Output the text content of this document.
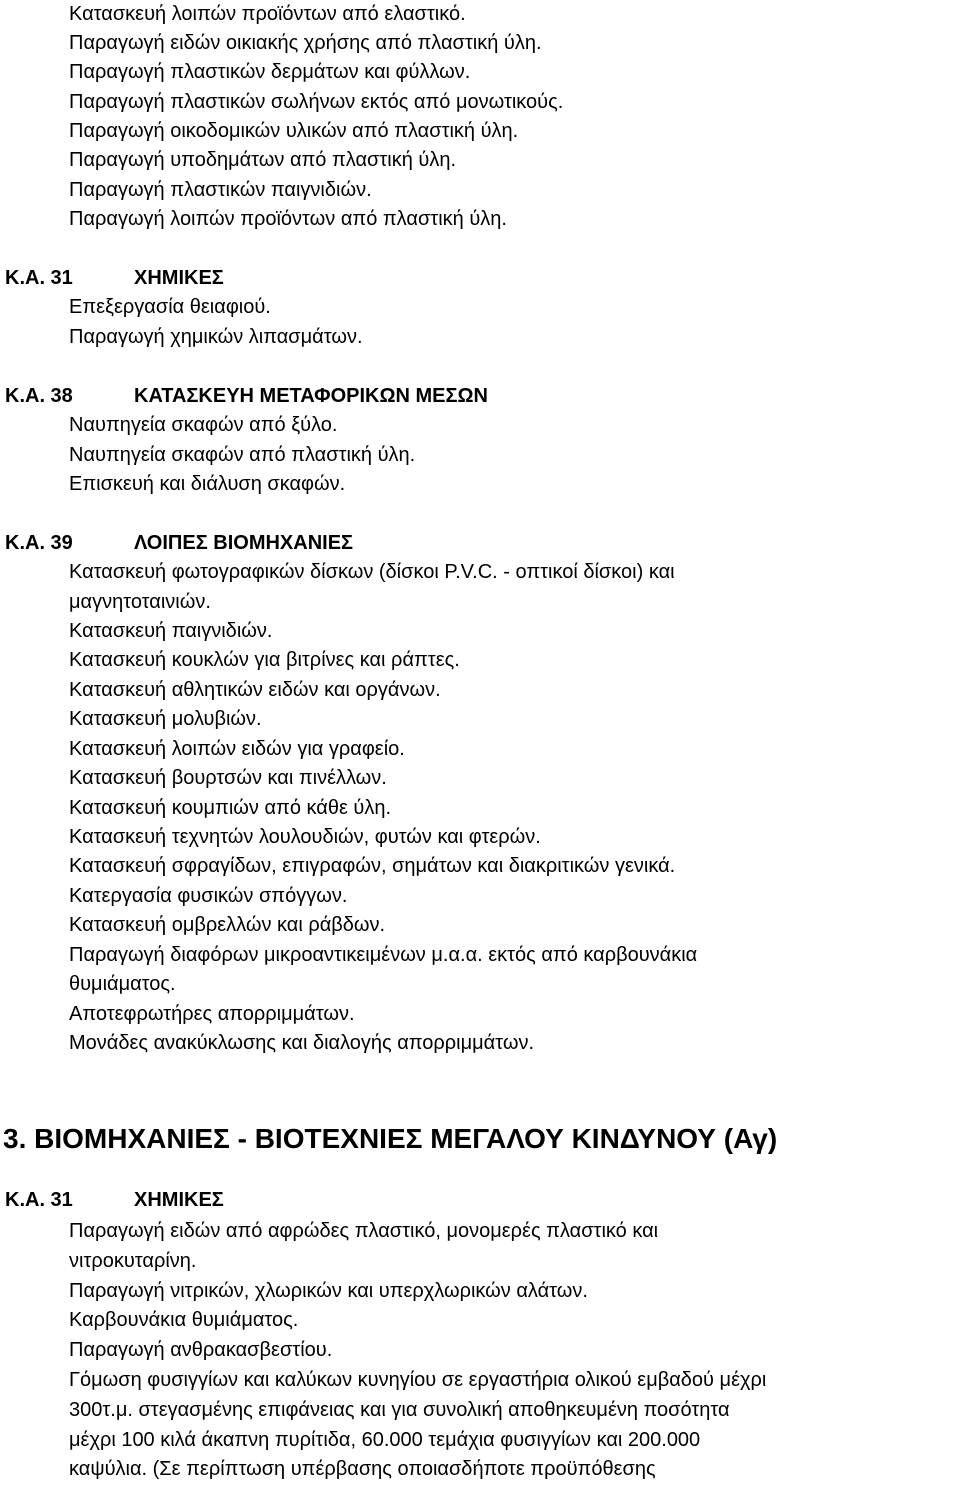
Κατασκευή λοιπών προϊόντων από ελαστικό.
Παραγωγή ειδών οικιακής χρήσης από πλαστική ύλη.
Παραγωγή πλαστικών δερμάτων και φύλλων.
Παραγωγή πλαστικών σωλήνων εκτός από μονωτικούς.
Παραγωγή οικοδομικών υλικών από πλαστική ύλη.
Παραγωγή υποδημάτων από πλαστική ύλη.
Παραγωγή πλαστικών παιγνιδιών.
Παραγωγή λοιπών προϊόντων από πλαστική ύλη.
Κ.Α. 31	ΧΗΜΙΚΕΣ
Επεξεργασία θειαφιού.
Παραγωγή χημικών λιπασμάτων.
Κ.Α. 38	ΚΑΤΑΣΚΕΥΗ ΜΕΤΑΦΟΡΙΚΩΝ ΜΕΣΩΝ
Ναυπηγεία σκαφών από ξύλο.
Ναυπηγεία σκαφών από πλαστική ύλη.
Επισκευή και διάλυση σκαφών.
Κ.Α. 39	ΛΟΙΠΕΣ ΒΙΟΜΗΧΑΝΙΕΣ
Κατασκευή φωτογραφικών δίσκων (δίσκοι P.V.C. - οπτικοί δίσκοι) και
μαγνητοταινιών.
Κατασκευή παιγνιδιών.
Κατασκευή κουκλών για βιτρίνες και ράπτες.
Κατασκευή αθλητικών ειδών και οργάνων.
Κατασκευή μολυβιών.
Κατασκευή λοιπών ειδών για γραφείο.
Κατασκευή βουρτσών και πινέλλων.
Κατασκευή κουμπιών από κάθε ύλη.
Κατασκευή τεχνητών λουλουδιών, φυτών και φτερών.
Κατασκευή σφραγίδων, επιγραφών, σημάτων και διακριτικών γενικά.
Κατεργασία φυσικών σπόγγων.
Κατασκευή ομβρελλών και ράβδων.
Παραγωγή διαφόρων μικροαντικειμένων μ.α.α. εκτός από καρβουνάκια
θυμιάματος.
Αποτεφρωτήρες απορριμμάτων.
Μονάδες ανακύκλωσης και διαλογής απορριμμάτων.
3. ΒΙΟΜΗΧΑΝΙΕΣ - ΒΙΟΤΕΧΝΙΕΣ ΜΕΓΑΛΟΥ ΚΙΝΔΥΝΟΥ (Αγ)
Κ.Α. 31	ΧΗΜΙΚΕΣ
Παραγωγή ειδών από αφρώδες πλαστικό, μονομερές πλαστικό και
νιτροκυταρίνη.
Παραγωγή νιτρικών, χλωρικών και υπερχλωρικών αλάτων.
Καρβουνάκια θυμιάματος.
Παραγωγή ανθρακασβεστίου.
Γόμωση φυσιγγίων και καλύκων κυνηγίου σε εργαστήρια ολικού εμβαδού μέχρι
300τ.μ. στεγασμένης επιφάνειας και για συνολική αποθηκευμένη ποσότητα
μέχρι 100 κιλά άκαπνη πυρίτιδα, 60.000 τεμάχια φυσιγγίων και 200.000
καψύλια. (Σε περίπτωση υπέρβασης οποιασδήποτε προϋπόθεσης
